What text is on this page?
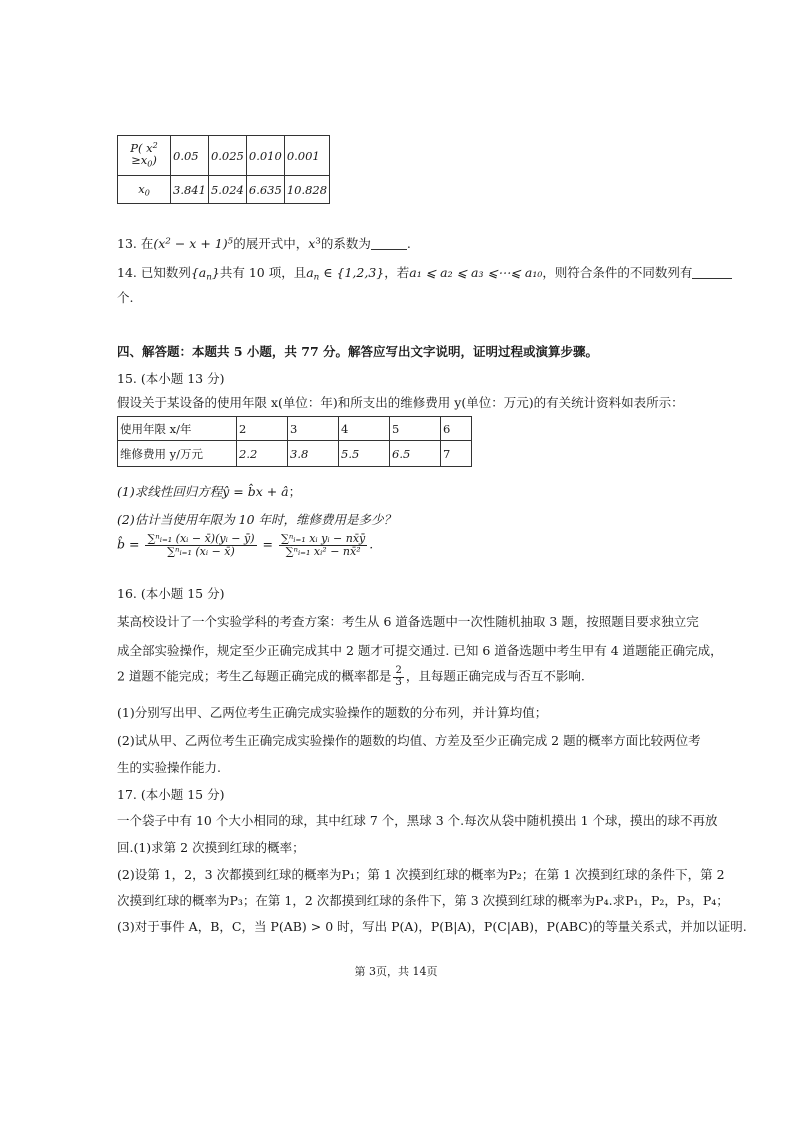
P( $x^2$
$\ge x_0$)	0.05	0.025	0.010	0.001
$x_0$	3.841	5.024	6.635	10.828
13. 在$(x^2 - x + 1)^5$的展开式中，$x^3$的系数为	.
14. 已知数列$\{a_n\}$共有 10 项，且$a_n$ ∈ {1,2,3}，若a₁ ⩽ a₂ ⩽ a₃ ⩽⋯⩽ a₁₀，则符合条件的不同数列有
个.
四、解答题：本题共 5 小题，共 77 分。解答应写出文字说明，证明过程或演算步骤。
15. (本小题 13 分)
假设关于某设备的使用年限 x(单位：年)和所支出的维修费用 y(单位：万元)的有关统计资料如表所示：
使用年限 x/年	2	3	4	5	6
维修费用 y/万元	2.2	3.8	5.5	6.5	7
(1)求线性回归方程ŷ = b̂x + â；
(2)估计当使用年限为 10 年时，维修费用是多少？
b̂ = $\frac{\text{∑ⁿᵢ₌₁ (xᵢ − x̄)(yᵢ − ȳ)}}{\text{∑ⁿᵢ₌₁ (xᵢ − x̄)}} = \frac{\text{∑ⁿᵢ₌₁ xᵢ yᵢ − nx̄ȳ}}{\text{∑ⁿᵢ₌₁ xᵢ² − nx̄²}}$ .
16. (本小题 15 分)
某高校设计了一个实验学科的考查方案：考生从 6 道备选题中一次性随机抽取 3 题，按照题目要求独立完
成全部实验操作，规定至少正确完成其中 2 题才可提交通过. 已知 6 道备选题中考生甲有 4 道题能正确完成，
2 道题不能完成；考生乙每题正确完成的概率都是 $\frac{2}{3}$ ，且每题正确完成与否互不影响.
(1)分别写出甲、乙两位考生正确完成实验操作的题数的分布列，并计算均值；
(2)试从甲、乙两位考生正确完成实验操作的题数的均值、方差及至少正确完成 2 题的概率方面比较两位考
生的实验操作能力.
17. (本小题 15 分)
一个袋子中有 10 个大小相同的球，其中红球 7 个，黑球 3 个.每次从袋中随机摸出 1 个球，摸出的球不再放
回.(1)求第 2 次摸到红球的概率；
(2)设第 1，2，3 次都摸到红球的概率为P₁；第 1 次摸到红球的概率为P₂；在第 1 次摸到红球的条件下，第 2
次摸到红球的概率为P₃；在第 1，2 次都摸到红球的条件下，第 3 次摸到红球的概率为P₄.求P₁，P₂，P₃，P₄；
(3)对于事件 A，B，C，当 P(AB) > 0 时，写出 P(A)，P(B|A)，P(C|AB)，P(ABC)的等量关系式，并加以证明.
第 3页，共 14页
